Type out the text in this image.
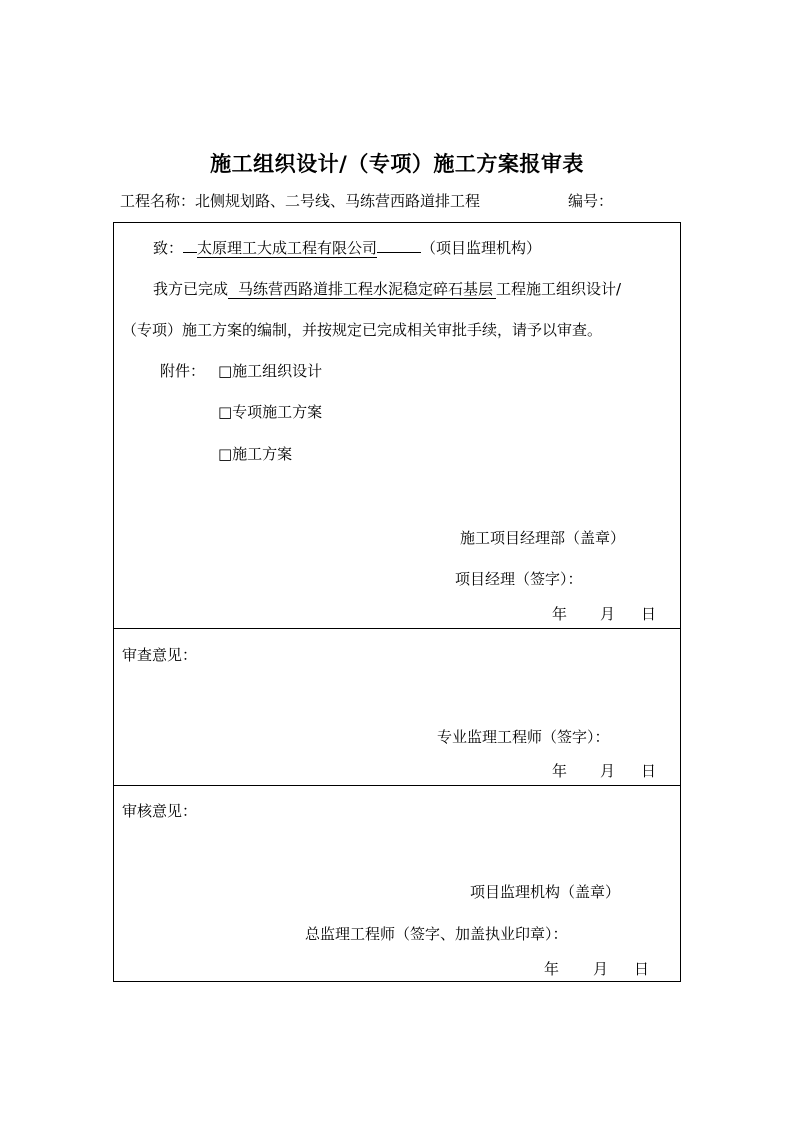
施工组织设计/（专项）施工方案报审表
工程名称：北侧规划路、二号线、马练营西路道排工程	编号：
致： 太原理工大成工程有限公司	（项目监理机构）
我方已完成 马练营西路道排工程水泥稳定碎石基层 工程施工组织设计/
（专项）施工方案的编制，并按规定已完成相关审批手续，请予以审查。
附件： □施工组织设计
□专项施工方案
□施工方案
施工项目经理部（盖章）
项目经理（签字）：
年 月 日
审查意见：
专业监理工程师（签字）：
年 月 日
审核意见：
项目监理机构（盖章）
总监理工程师（签字、加盖执业印章）：
年 月 日
